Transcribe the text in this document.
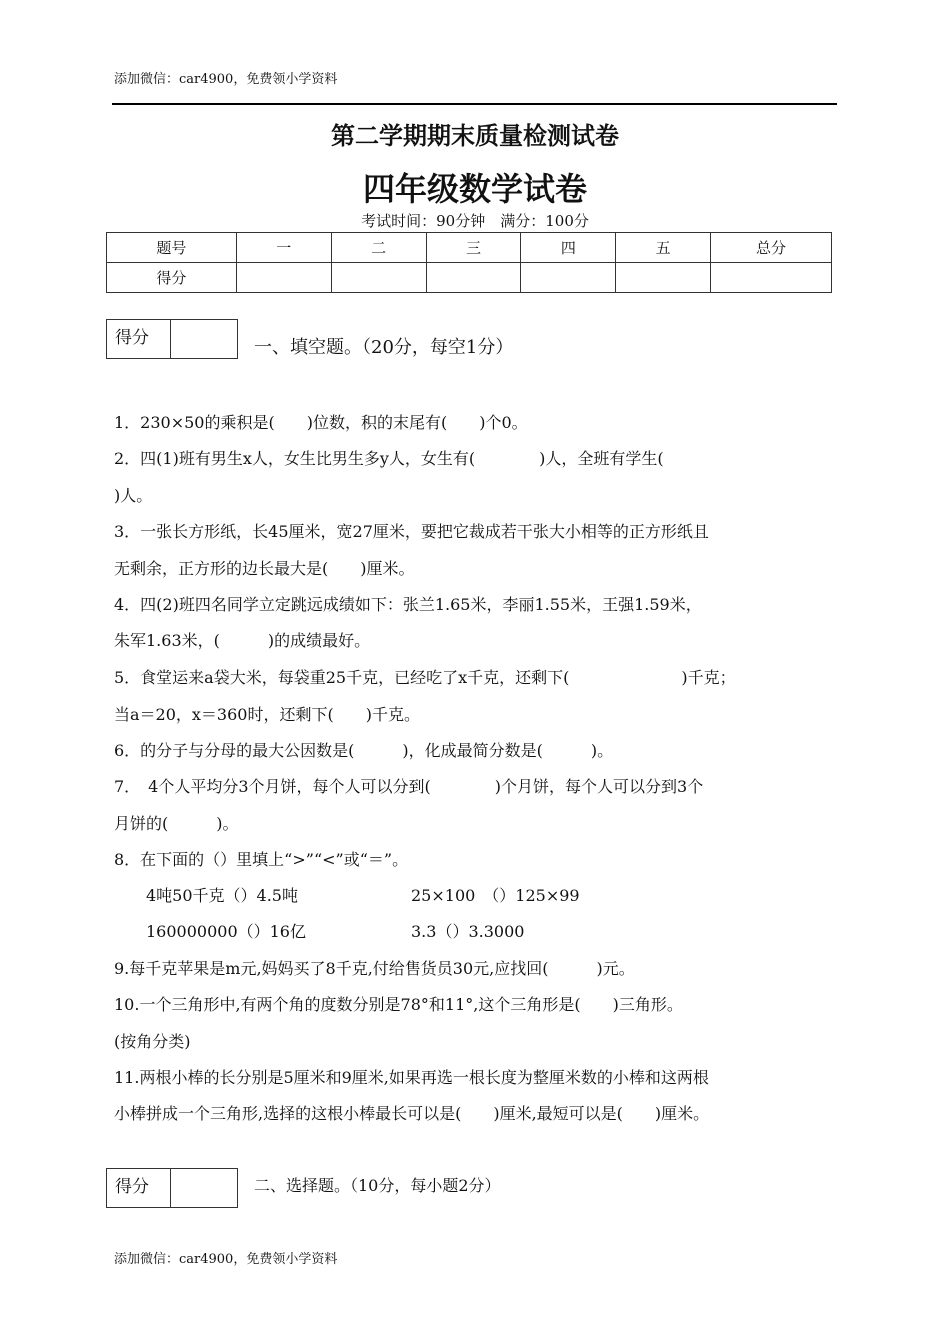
添加微信：car4900，免费领小学资料
第二学期期末质量检测试卷
四年级数学试卷
考试时间：90分钟　满分：100分
题号	一	二	三	四	五	总分
得分						
得分	一、填空题。（20分，每空1分）
1．230×50的乘积是(　　)位数，积的末尾有(　　)个0。
2．四(1)班有男生x人，女生比男生多y人，女生有(　　　　)人，全班有学生(
)人。
3．一张长方形纸，长45厘米，宽27厘米，要把它裁成若干张大小相等的正方形纸且
无剩余，正方形的边长最大是(　　)厘米。
4．四(2)班四名同学立定跳远成绩如下：张兰1.65米，李丽1.55米，王强1.59米，
朱军1.63米，(　　　)的成绩最好。
5．食堂运来a袋大米，每袋重25千克，已经吃了x千克，还剩下(　　　　　　　)千克；
当a＝20，x＝360时，还剩下(　　)千克。
6．的分子与分母的最大公因数是(　　　)，化成最简分数是(　　　)。
7．　4个人平均分3个月饼，每个人可以分到(　　　　)个月饼，每个人可以分到3个
月饼的(　　　)。
8．在下面的（）里填上“>”“<”或“＝”。
4吨50千克（）4.5吨	25×100　（）125×99
160000000（）16亿	3.3（）3.3000
9.每千克苹果是m元,妈妈买了8千克,付给售货员30元,应找回(　　　)元。
10.一个三角形中,有两个角的度数分别是78°和11°,这个三角形是(　　)三角形。
(按角分类)
11.两根小棒的长分别是5厘米和9厘米,如果再选一根长度为整厘米数的小棒和这两根
小棒拼成一个三角形,选择的这根小棒最长可以是(　　)厘米,最短可以是(　　)厘米。
得分	二、选择题。（10分，每小题2分）
添加微信：car4900，免费领小学资料
